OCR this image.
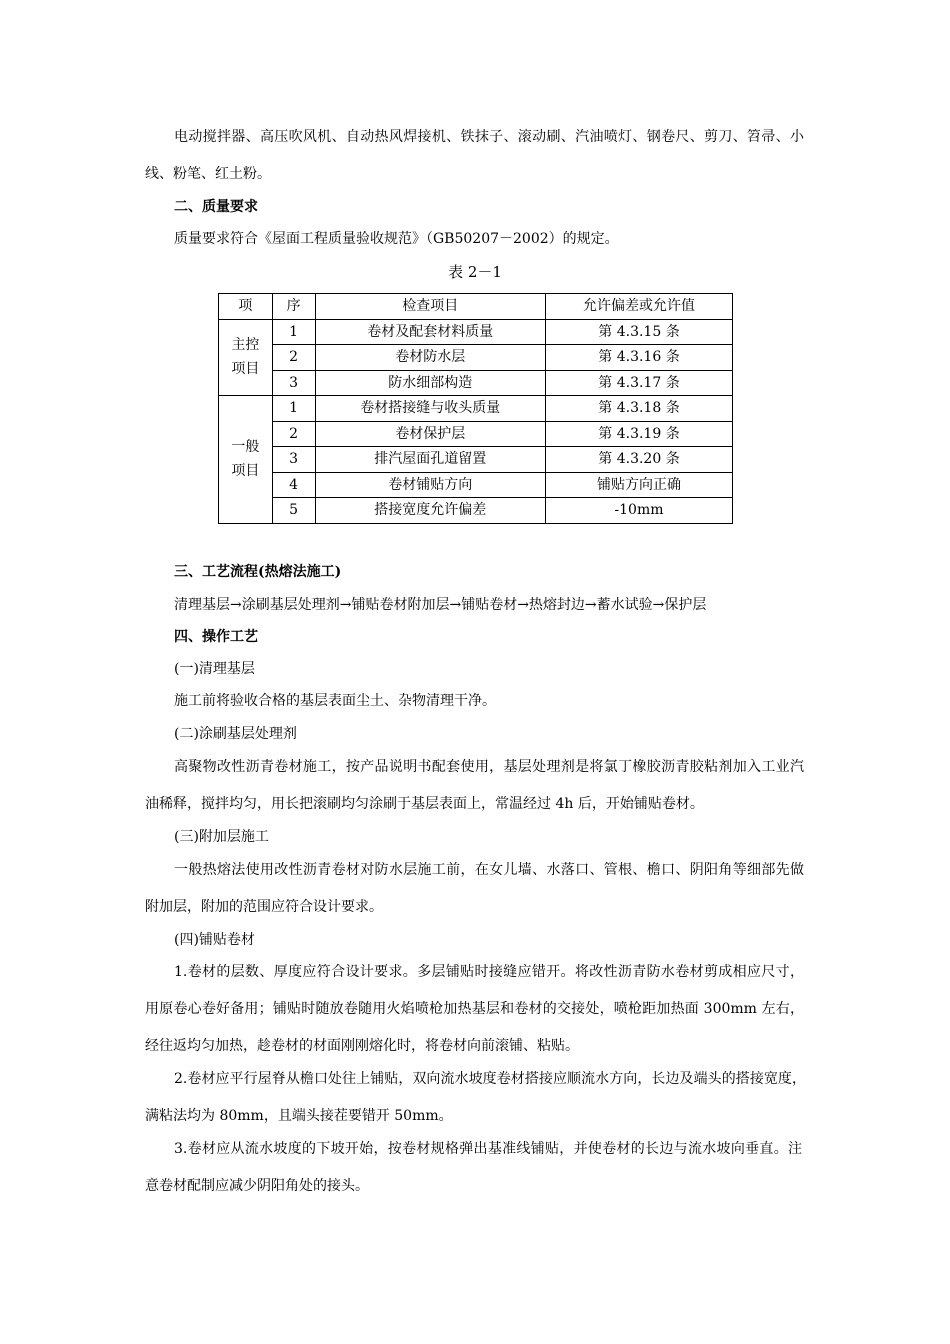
电动搅拌器、高压吹风机、自动热风焊接机、铁抹子、滚动刷、汽油喷灯、钢卷尺、剪刀、笤帚、小
线、粉笔、红土粉。
二、质量要求
质量要求符合《屋面工程质量验收规范》（GB50207－2002）的规定。
表 2－1
项	序	检查项目	允许偏差或允许值

主控
项目	1	卷材及配套材料质量	第 4.3.15 条
	2	卷材防水层	第 4.3.16 条
	3	防水细部构造	第 4.3.17 条

一般
项目	1	卷材搭接缝与收头质量	第 4.3.18 条
	2	卷材保护层	第 4.3.19 条
	3	排汽屋面孔道留置	第 4.3.20 条
	4	卷材铺贴方向	铺贴方向正确
	5	搭接宽度允许偏差	-10mm
三、工艺流程(热熔法施工)
清理基层→涂刷基层处理剂→铺贴卷材附加层→铺贴卷材→热熔封边→蓄水试验→保护层
四、操作工艺
(一)清理基层
施工前将验收合格的基层表面尘土、杂物清理干净。
(二)涂刷基层处理剂
高聚物改性沥青卷材施工，按产品说明书配套使用，基层处理剂是将氯丁橡胶沥青胶粘剂加入工业汽
油稀释，搅拌均匀，用长把滚刷均匀涂刷于基层表面上，常温经过 4h 后，开始铺贴卷材。
(三)附加层施工
一般热熔法使用改性沥青卷材对防水层施工前，在女儿墙、水落口、管根、檐口、阴阳角等细部先做
附加层，附加的范围应符合设计要求。
(四)铺贴卷材
1.卷材的层数、厚度应符合设计要求。多层铺贴时接缝应错开。将改性沥青防水卷材剪成相应尺寸，
用原卷心卷好备用；铺贴时随放卷随用火焰喷枪加热基层和卷材的交接处，喷枪距加热面 300mm 左右，
经往返均匀加热，趁卷材的材面刚刚熔化时，将卷材向前滚铺、粘贴。
2.卷材应平行屋脊从檐口处往上铺贴，双向流水坡度卷材搭接应顺流水方向，长边及端头的搭接宽度，
满粘法均为 80mm，且端头接茬要错开 50mm。
3.卷材应从流水坡度的下坡开始，按卷材规格弹出基准线铺贴，并使卷材的长边与流水坡向垂直。注
意卷材配制应减少阴阳角处的接头。
